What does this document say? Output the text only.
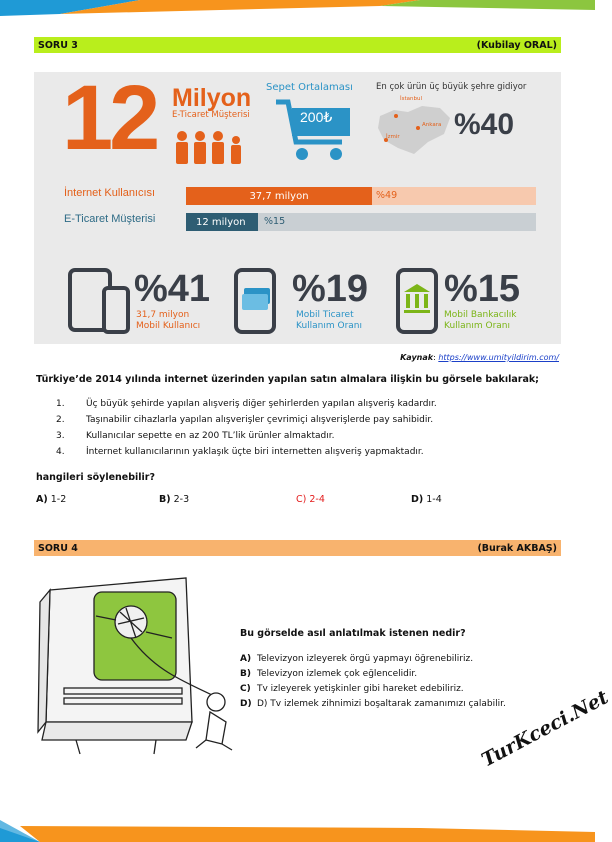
SORU 3	(Kubilay ORAL)
12 Milyon
E-Ticaret Müşterisi
Sepet Ortalaması
200₺
En çok ürün üç büyük şehre gidiyor
İstanbul
Ankara
İzmir %40
İnternet Kullanıcısı	37,7 milyon	%49
E-Ticaret Müşterisi	12 milyon %15
%41
31,7 milyon
Mobil Kullanıcı
%19
Mobil Ticaret
Kullanım Oranı
%15
Mobil Bankacılık
Kullanım Oranı
Kaynak: https://www.umityildirim.com/
Türkiye’de 2014 yılında internet üzerinden yapılan satın almalara ilişkin bu görsele bakılarak;
1.	Üç büyük şehirde yapılan alışveriş diğer şehirlerden yapılan alışveriş kadardır.
2.	Taşınabilir cihazlarla yapılan alışverişler çevrimiçi alışverişlerde pay sahibidir.
3.	Kullanıcılar sepette en az 200 TL’lik ürünler almaktadır.
4.	İnternet kullanıcılarının yaklaşık üçte biri internetten alışveriş yapmaktadır.
hangileri söylenebilir?
A) 1-2	B) 2-3	C) 2-4	D) 1-4
SORU 4	(Burak AKBAŞ)
Bu görselde asıl anlatılmak istenen nedir?
A) Televizyon izleyerek örgü yapmayı öğrenebiliriz.
B) Televizyon izlemek çok eğlencelidir.
C) Tv izleyerek yetişkinler gibi hareket edebiliriz.
D) D) Tv izlemek zihnimizi boşaltarak zamanımızı çalabilir.
TurKceci.Net
